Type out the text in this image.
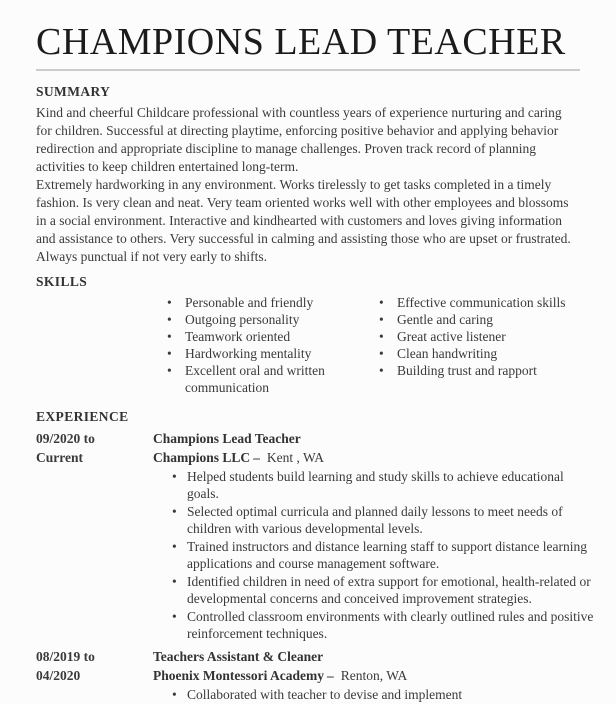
CHAMPIONS LEAD TEACHER
SUMMARY

Kind and cheerful Childcare professional with countless years of experience nurturing and caring for children. Successful at directing playtime, enforcing positive behavior and applying behavior redirection and appropriate discipline to manage challenges. Proven track record of planning activities to keep children entertained long-term.

Extremely hardworking in any environment. Works tirelessly to get tasks completed in a timely fashion. Is very clean and neat. Very team oriented works well with other employees and blossoms in a social environment. Interactive and kindhearted with customers and loves giving information and assistance to others. Very successful in calming and assisting those who are upset or frustrated. Always punctual if not very early to shifts.

SKILLS
• Personable and friendly
• Outgoing personality
• Teamwork oriented
• Hardworking mentality
• Excellent oral and written communication
• Effective communication skills
• Gentle and caring
• Great active listener
• Clean handwriting
• Building trust and rapport
EXPERIENCE
09/2020 to
Current
Champions Lead Teacher
Champions LLC – Kent , WA
• Helped students build learning and study skills to achieve educational goals.
• Selected optimal curricula and planned daily lessons to meet needs of children with various developmental levels.
• Trained instructors and distance learning staff to support distance learning applications and course management software.
• Identified children in need of extra support for emotional, health-related or developmental concerns and conceived improvement strategies.
• Controlled classroom environments with clearly outlined rules and positive reinforcement techniques.
08/2019 to
04/2020
Teachers Assistant & Cleaner
Phoenix Montessori Academy – Renton, WA
• Collaborated with teacher to devise and implement
